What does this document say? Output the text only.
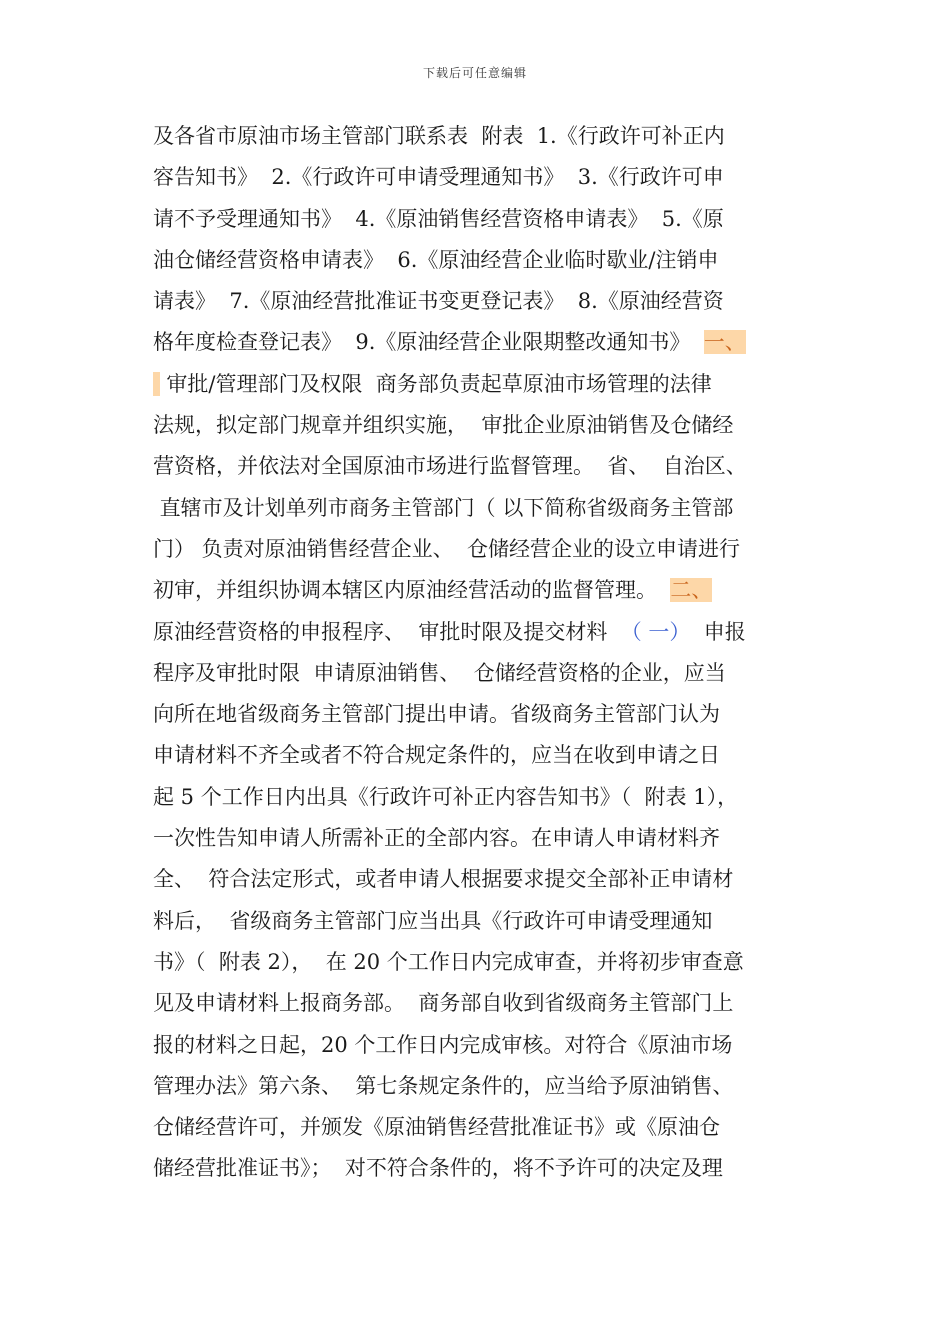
下载后可任意编辑
及各省市原油市场主管部门联系表  附表  1.《行政许可补正内
容告知书》  2.《行政许可申请受理通知书》  3.《行政许可申
请不予受理通知书》  4.《原油销售经营资格申请表》  5.《原
油仓储经营资格申请表》  6.《原油经营企业临时歇业/注销申
请表》  7.《原油经营批准证书变更登记表》  8.《原油经营资
格年度检查登记表》  9.《原油经营企业限期整改通知书》  一、
审批/管理部门及权限  商务部负责起草原油市场管理的法律
法规，拟定部门规章并组织实施，  审批企业原油销售及仓储经
营资格，并依法对全国原油市场进行监督管理。  省、  自治区、
直辖市及计划单列市商务主管部门（ 以下简称省级商务主管部
门） 负责对原油销售经营企业、  仓储经营企业的设立申请进行
初审，并组织协调本辖区内原油经营活动的监督管理。  二、
原油经营资格的申报程序、  审批时限及提交材料  （ 一）  申报
程序及审批时限  申请原油销售、  仓储经营资格的企业，应当
向所在地省级商务主管部门提出申请。省级商务主管部门认为
申请材料不齐全或者不符合规定条件的，应当在收到申请之日
起 5 个工作日内出具《行政许可补正内容告知书》（  附表 1），
一次性告知申请人所需补正的全部内容。在申请人申请材料齐
全、  符合法定形式，或者申请人根据要求提交全部补正申请材
料后，  省级商务主管部门应当出具《行政许可申请受理通知
书》（  附表 2），  在 20 个工作日内完成审查，并将初步审查意
见及申请材料上报商务部。  商务部自收到省级商务主管部门上
报的材料之日起，20 个工作日内完成审核。对符合《原油市场
管理办法》第六条、  第七条规定条件的，应当给予原油销售、
仓储经营许可，并颁发《原油销售经营批准证书》或《原油仓
储经营批准证书》；  对不符合条件的，将不予许可的决定及理
